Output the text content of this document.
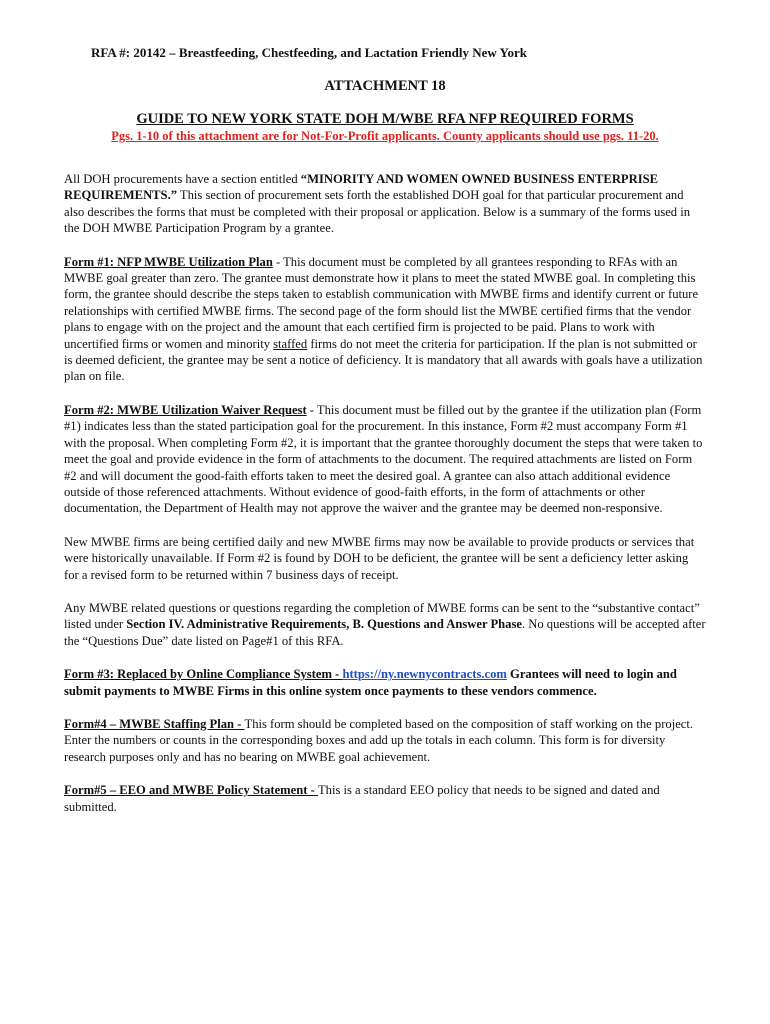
RFA #: 20142 – Breastfeeding, Chestfeeding, and Lactation Friendly New York
ATTACHMENT 18
GUIDE TO NEW YORK STATE DOH M/WBE RFA NFP REQUIRED FORMS
Pgs. 1-10 of this attachment are for Not-For-Profit applicants. County applicants should use pgs. 11-20.

All DOH procurements have a section entitled “MINORITY AND WOMEN OWNED BUSINESS ENTERPRISE REQUIREMENTS.” This section of procurement sets forth the established DOH goal for that particular procurement and also describes the forms that must be completed with their proposal or application. Below is a summary of the forms used in the DOH MWBE Participation Program by a grantee.

Form #1: NFP MWBE Utilization Plan - This document must be completed by all grantees responding to RFAs with an MWBE goal greater than zero. The grantee must demonstrate how it plans to meet the stated MWBE goal. In completing this form, the grantee should describe the steps taken to establish communication with MWBE firms and identify current or future relationships with certified MWBE firms. The second page of the form should list the MWBE certified firms that the vendor plans to engage with on the project and the amount that each certified firm is projected to be paid. Plans to work with uncertified firms or women and minority staffed firms do not meet the criteria for participation. If the plan is not submitted or is deemed deficient, the grantee may be sent a notice of deficiency. It is mandatory that all awards with goals have a utilization plan on file.

Form #2: MWBE Utilization Waiver Request - This document must be filled out by the grantee if the utilization plan (Form #1) indicates less than the stated participation goal for the procurement. In this instance, Form #2 must accompany Form #1 with the proposal. When completing Form #2, it is important that the grantee thoroughly document the steps that were taken to meet the goal and provide evidence in the form of attachments to the document. The required attachments are listed on Form #2 and will document the good-faith efforts taken to meet the desired goal. A grantee can also attach additional evidence outside of those referenced attachments. Without evidence of good-faith efforts, in the form of attachments or other documentation, the Department of Health may not approve the waiver and the grantee may be deemed non-responsive.

New MWBE firms are being certified daily and new MWBE firms may now be available to provide products or services that were historically unavailable. If Form #2 is found by DOH to be deficient, the grantee will be sent a deficiency letter asking for a revised form to be returned within 7 business days of receipt.

Any MWBE related questions or questions regarding the completion of MWBE forms can be sent to the “substantive contact” listed under Section IV. Administrative Requirements, B. Questions and Answer Phase. No questions will be accepted after the “Questions Due” date listed on Page#1 of this RFA.

Form #3: Replaced by Online Compliance System - https://ny.newnycontracts.com Grantees will need to login and submit payments to MWBE Firms in this online system once payments to these vendors commence.

Form#4 – MWBE Staffing Plan - This form should be completed based on the composition of staff working on the project. Enter the numbers or counts in the corresponding boxes and add up the totals in each column. This form is for diversity research purposes only and has no bearing on MWBE goal achievement.

Form#5 – EEO and MWBE Policy Statement - This is a standard EEO policy that needs to be signed and dated and submitted.
